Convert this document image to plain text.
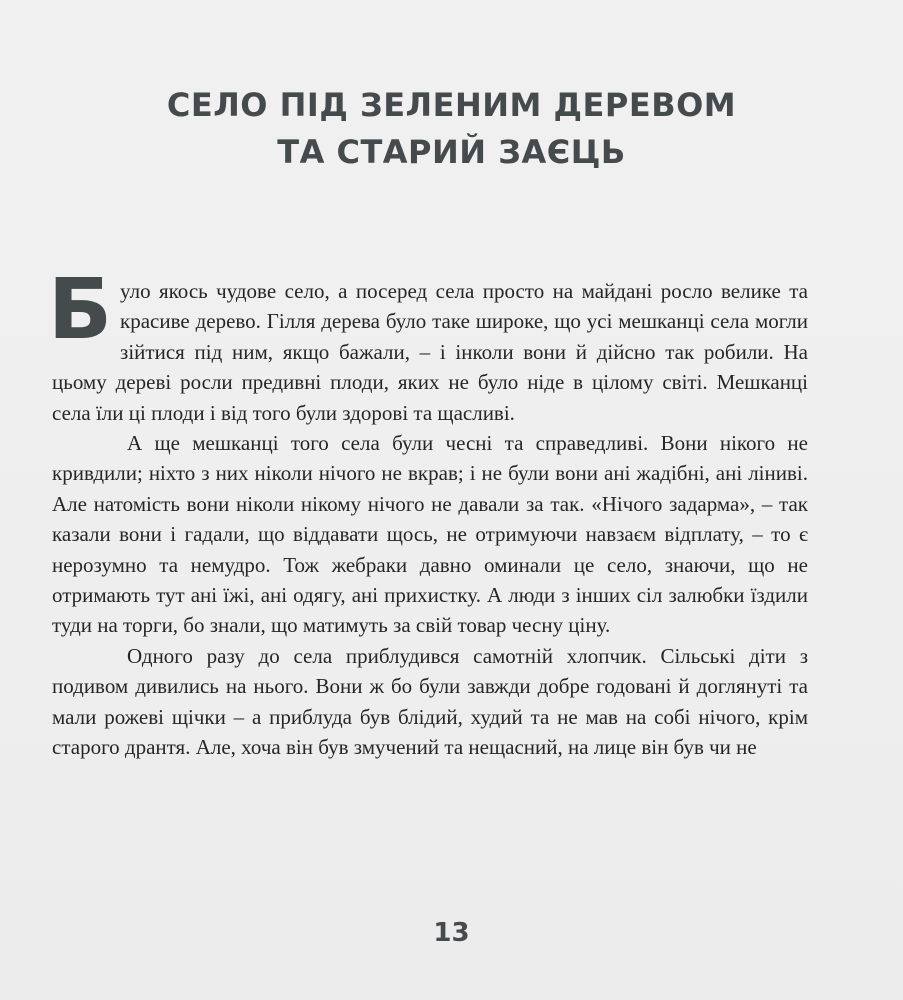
СЕЛО ПІД ЗЕЛЕНИМ ДЕРЕВОМ
ТА СТАРИЙ ЗАЄЦЬ

Було якось чудове село, а посеред села просто на майдані росло велике та красиве дерево. Гілля дерева було таке широке, що усі мешканці села могли зійтися під ним, якщо бажали, – і інколи вони й дійсно так робили. На цьому дереві росли предивні плоди, яких не було ніде в цілому світі. Мешканці села їли ці плоди і від того були здорові та щасливі.

А ще мешканці того села були чесні та справедливі. Вони нікого не кривдили; ніхто з них ніколи нічого не вкрав; і не були вони ані жадібні, ані ліниві. Але натомість вони ніколи нікому нічого не давали за так. «Нічого задарма», – так казали вони і гадали, що віддавати щось, не отримуючи навзаєм відплату, – то є нерозумно та немудро. Тож жебраки давно оминали це село, знаючи, що не отримають тут ані їжі, ані одягу, ані прихистку. А люди з інших сіл залюбки їздили туди на торги, бо знали, що матимуть за свій товар чесну ціну.

Одного разу до села приблудився самотній хлопчик. Сільські діти з подивом дивились на нього. Вони ж бо були завжди добре годовані й доглянуті та мали рожеві щічки – а приблуда був блідий, худий та не мав на собі нічого, крім старого дрантя. Але, хоча він був змучений та нещасний, на лице він був чи не

13
